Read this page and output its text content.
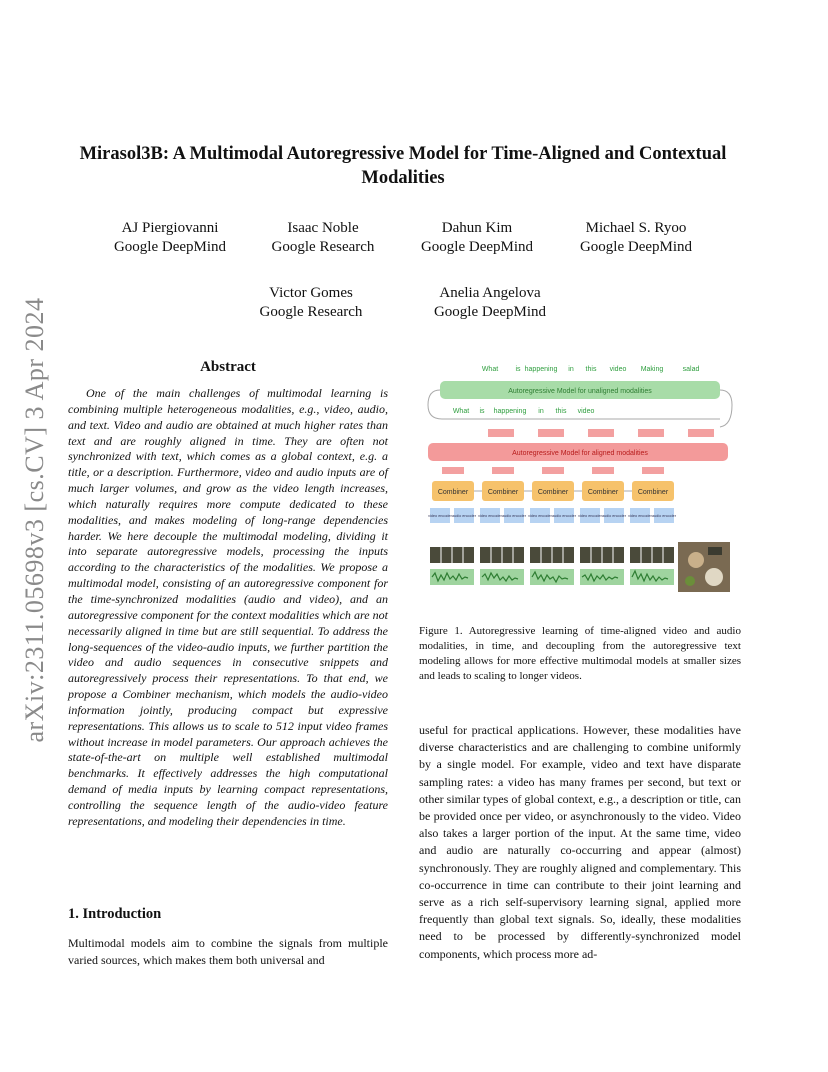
arXiv:2311.05698v3 [cs.CV] 3 Apr 2024
Mirasol3B: A Multimodal Autoregressive Model for Time-Aligned and Contextual Modalities
AJ Piergiovanni
Google DeepMind
Isaac Noble
Google Research
Dahun Kim
Google DeepMind
Michael S. Ryoo
Google DeepMind
Victor Gomes
Google Research
Anelia Angelova
Google DeepMind
Abstract

One of the main challenges of multimodal learning is combining multiple heterogeneous modalities, e.g., video, audio, and text. Video and audio are obtained at much higher rates than text and are roughly aligned in time. They are often not synchronized with text, which comes as a global context, e.g. a title, or a description. Furthermore, video and audio inputs are of much larger volumes, and grow as the video length increases, which naturally requires more compute dedicated to these modalities, and makes modeling of long-range dependencies harder. We here decouple the multimodal modeling, dividing it into separate autoregressive models, processing the inputs according to the characteristics of the modalities. We propose a multimodal model, consisting of an autoregressive component for the time-synchronized modalities (audio and video), and an autoregressive component for the context modalities which are not necessarily aligned in time but are still sequential. To address the long-sequences of the video-audio inputs, we further partition the video and audio sequences in consecutive snippets and autoregressively process their representations. To that end, we propose a Combiner mechanism, which models the audio-video information jointly, producing compact but expressive representations. This allows us to scale to 512 input video frames without increase in model parameters. Our approach achieves the state-of-the-art on multiple well established multimodal benchmarks. It effectively addresses the high computational demand of media inputs by learning compact representations, controlling the sequence length of the audio-video feature representations, and modeling their dependencies in time.

1. Introduction

Multimodal models aim to combine the signals from multiple varied sources, which makes them both universal and

What is happening in this video Making	salad
Autoregressive Model for unaligned modalities
What is happening in this video
Autoregressive Model for aligned modalities
Combiner	Combiner	Combiner	Combiner	Combiner
video encoder audio encoder video encoder audio encoder video encoder audio encoder video encoder audio encoder video encoder audio encoder

Figure 1. Autoregressive learning of time-aligned video and audio modalities, in time, and decoupling from the autoregressive text modeling allows for more effective multimodal models at smaller sizes and leads to scaling to longer videos.

useful for practical applications. However, these modalities have diverse characteristics and are challenging to combine uniformly by a single model. For example, video and text have disparate sampling rates: a video has many frames per second, but text or other similar types of global context, e.g., a description or title, can be provided once per video, or asynchronously to the video. Video also takes a larger portion of the input. At the same time, video and audio are naturally co-occurring and appear (almost) synchronously. They are roughly aligned and complementary. This co-occurrence in time can contribute to their joint learning and serve as a rich self-supervisory learning signal, applied more frequently than global text signals. So, ideally, these modalities need to be processed by differently-synchronized model components, which process more ad-
